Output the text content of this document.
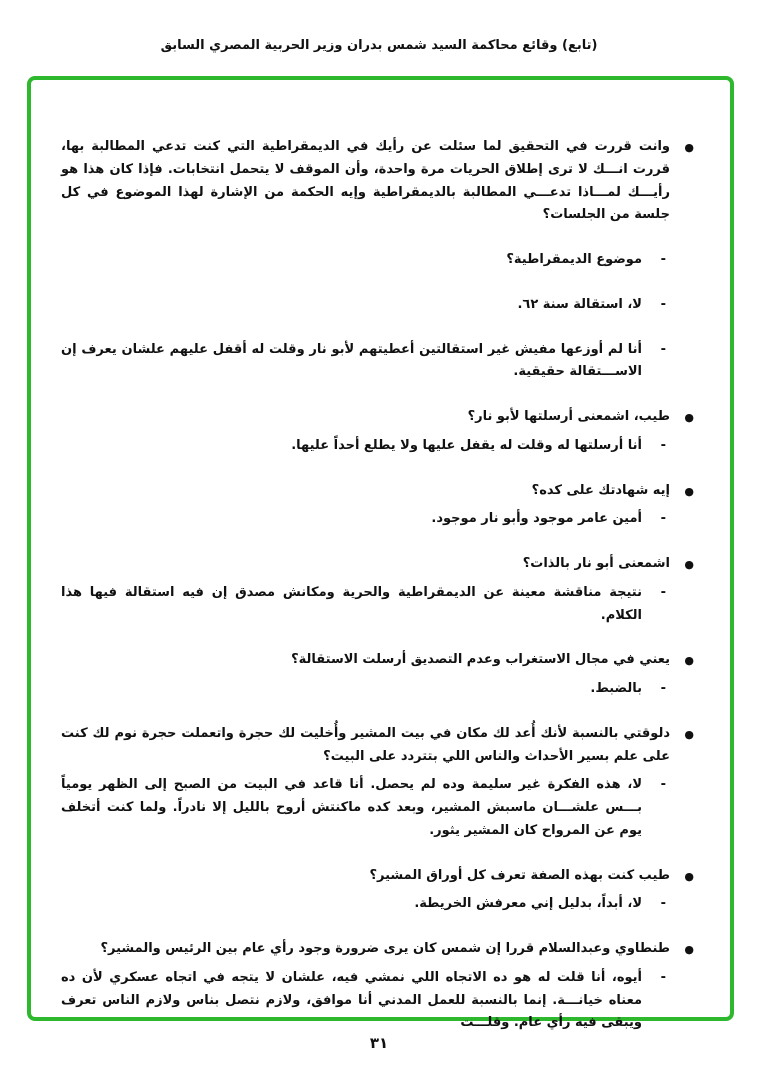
(تابع) وقائع محاكمة السيد شمس بدران وزير الحربية المصري السابق
●
وانت قررت في التحقيق لما سئلت عن رأيك في الديمقراطية التي كنت تدعي المطالبة بها، قررت انـــك لا ترى إطلاق الحريات مرة واحدة، وأن الموقف لا يتحمل انتخابات. فإذا كان هذا هو رأيـــك لمـــاذا تدعـــي المطالبة بالديمقراطية وإيه الحكمة من الإشارة لهذا الموضوع في كل جلسة من الجلسات؟
-
موضوع الديمقراطية؟
-
لا، استقالة سنة ٦٢.
-
أنا لم أوزعها مفيش غير استقالتين أعطيتهم لأبو نار وقلت له أقفل عليهم علشان يعرف إن الاســـتقالة حقيقية.
●
طيب، اشمعنى أرسلتها لأبو نار؟
-
أنا أرسلتها له وقلت له يقفل عليها ولا يطلع أحداً عليها.
●
إيه شهادتك على كده؟
-
أمين عامر موجود وأبو نار موجود.
●
اشمعنى أبو نار بالذات؟
-
نتيجة مناقشة معينة عن الديمقراطية والحرية ومكانش مصدق إن فيه استقالة فيها هذا الكلام.
●
يعني في مجال الاستغراب وعدم التصديق أرسلت الاستقالة؟
-
بالضبط.
●
دلوقتي بالنسبة لأنك أُعد لك مكان في بيت المشير وأُخليت لك حجرة واتعملت حجرة نوم لك كنت على علم بسير الأحداث والناس اللي بتتردد على البيت؟
-
لا، هذه الفكرة غير سليمة وده لم يحصل. أنا قاعد في البيت من الصبح إلى الظهر يومياً بـــس علشـــان ماسبش المشير، وبعد كده ماكنتش أروح بالليل إلا نادراً. ولما كنت أتخلف يوم عن المرواح كان المشير يثور.
●
طيب كنت بهذه الصفة تعرف كل أوراق المشير؟
-
لا، أبداً، بدليل إني معرفش الخريطة.
●
طنطاوي وعبدالسلام قررا إن شمس كان يرى ضرورة وجود رأي عام بين الرئيس والمشير؟
-
أيوه، أنا قلت له هو ده الاتجاه اللي نمشي فيه، علشان لا يتجه في اتجاه عسكري لأن ده معناه خيانـــة. إنما بالنسبة للعمل المدني أنا موافق، ولازم نتصل بناس ولازم الناس تعرف ويبقى فيه رأي عام. وقلـــت
٣١
